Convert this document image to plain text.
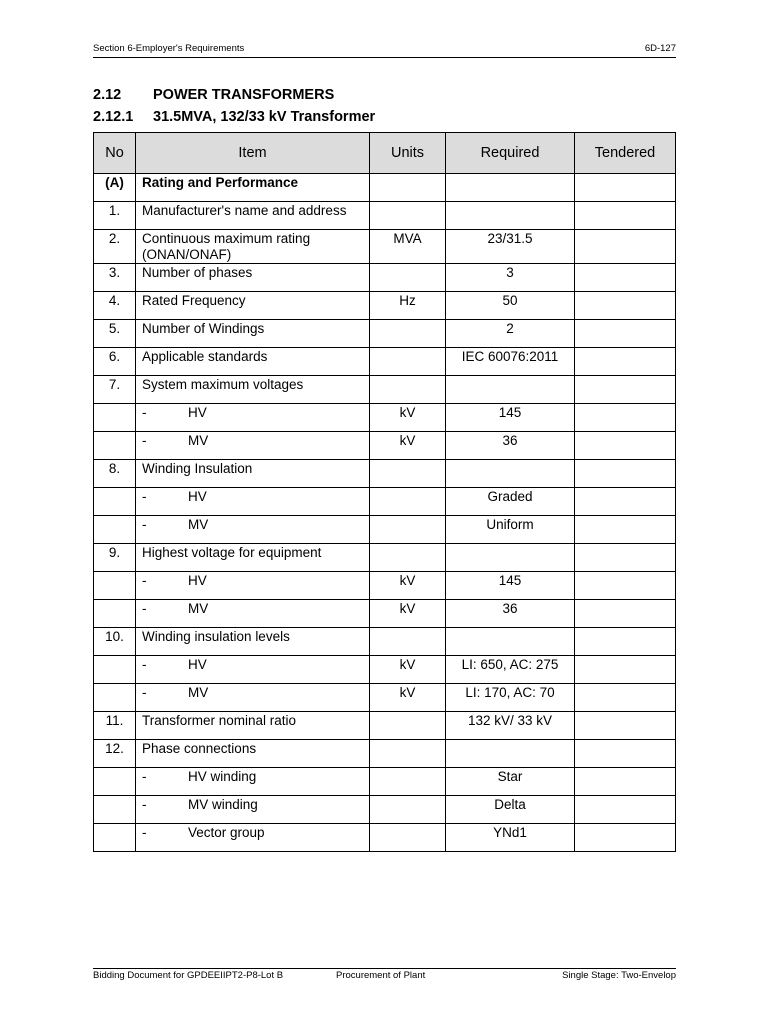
Section 6-Employer's Requirements	6D-127
2.12 POWER TRANSFORMERS
2.12.1 31.5MVA, 132/33 kV Transformer
No	Item	Units	Required	Tendered
(A)	Rating and Performance			
1.	Manufacturer's name and address			
2.	Continuous maximum rating (ONAN/ONAF)	MVA	23/31.5	
3.	Number of phases		3	
4.	Rated Frequency	Hz	50	
5.	Number of Windings		2	
6.	Applicable standards		IEC 60076:2011	
7.	System maximum voltages			
	- HV	kV	145	
	- MV	kV	36	
8.	Winding Insulation			
	- HV		Graded	
	- MV		Uniform	
9.	Highest voltage for equipment			
	- HV	kV	145	
	- MV	kV	36	
10.	Winding insulation levels			
	- HV	kV	LI: 650, AC: 275	
	- MV	kV	LI: 170, AC: 70	
11.	Transformer nominal ratio		132 kV/ 33 kV	
12.	Phase connections			
	- HV winding		Star	
	- MV winding		Delta	
	- Vector group		YNd1	
Bidding Document for GPDEEIIPT2-P8-Lot B	Procurement of Plant	Single Stage: Two-Envelop
